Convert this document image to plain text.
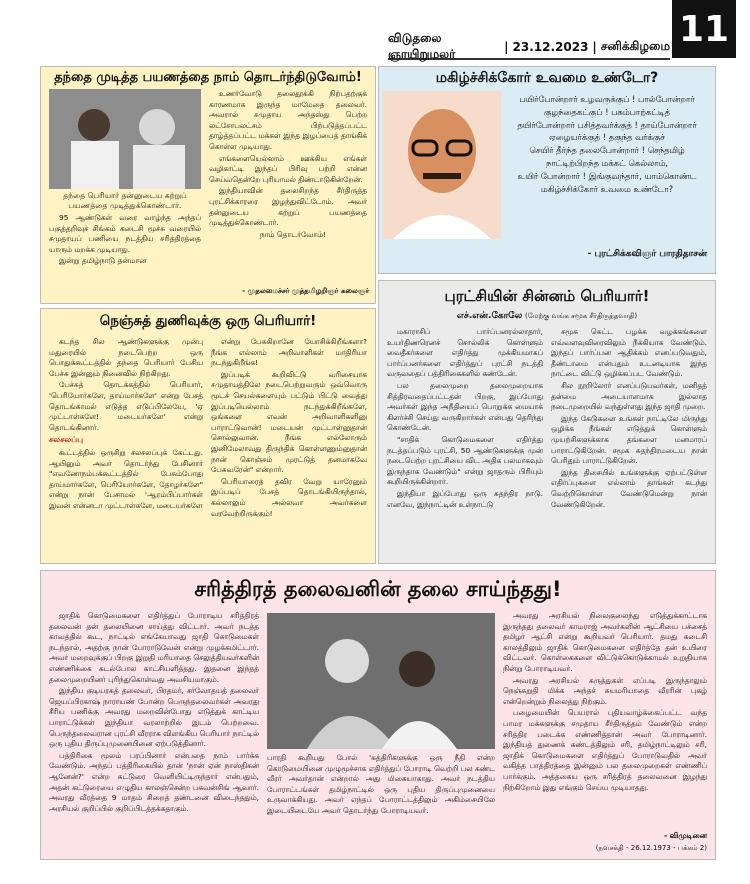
11
விடுதலை ஞாயிறுமலர்	| 23.12.2023 | சனிக்கிழமை
தந்தை முடித்த பயணத்தை நாம் தொடர்ந்திடுவோம்!
தந்தை பெரியார் தன்னுடைய கற்றுப் பயணத்தை முடித்துக்கொண்டார்.

95 ஆண்டுகள் வரை வாழ்ந்த அந்தப் பகுத்தறிவுச் சிங்கம் கடைசி மூச்சு வரையில் சமுதாயப் பணியை நடத்திய சரித்திரத்தை யாரும் மறக்க முடியாது.

இன்று தமிழ்நாடு தன்மான

உணர்வோடு தலைதூக்கி நிற்பதற்குக் காரணமாக இருந்த மாமேதை தலைவர். அவரால் சமுதாய அந்தஸ்து பெற்ற லட்சோபலட்சம் பிற்படுத்தப்பட்ட தாழ்த்தப்பட்ட மக்கள் இந்த இழப்பைத் தாங்கிக் கொள்ள முடியாது.

எங்களையெல்லாம் ஊக்கிய எங்கள் வழிகாட்டி இந்தப் பிரிவு பற்றி என்ன செய்வதென்றே புரியாமல் திண்டாடுகின்றேன்.

இந்தியாவின் தலைசிறந்த சீர்திருத்த புரட்சிக்காரரை இழந்துவிட்டோம். அவர் தன்னுடைய கற்றுப் பயணத்தை முடித்துக்கொண்டார்.

நாம் தொடர்வோம்!

- முதலமைச்சர் முத்தமிழறிஞர் கலைஞர்
மகிழ்ச்சிக்கோர் உவமை உண்டோ?

பயிர்போன்றார் உழவருக்குப் ! பால்போன்றார்

குழந்தைகட்குப் ! பசும்பாற்கட்டித்

தயிர்போன்றார் பசித்தவர்க்குத் ! தாய்போன்றார்

ஏழையர்க்குத் ! தகுந்த வர்க்குச்

செயிர் தீர்ந்த தலைபோன்றார் ! செந்தமிழ்

நாட்டிற்பிறந்த மக்கட் கெல்லாம்,

உயிர் போன்றார் ! இங்குவந்தார், யாம்கொண்ட

மகிழ்ச்சிக்கோர் உவமை உண்டோ?

- புரட்சிக்கவிஞர் பாரதிதாசன்
நெஞ்சுத் துணிவுக்கு ஒரு பெரியார்!

கடந்த சில ஆண்டுகளுக்கு முன்பு மதுரையில் நடைபெற்ற ஒரு பொதுக்கூட்டத்தில் தந்தை பெரியார் பேசிய பேச்சு இன்னும் நினைவில் நிற்கிறது.

பேச்சுத் தொடக்கத்தில் பெரியார், 'பெரியோர்களே, தாய்மார்களே' என்று பேசத் தொடங்காமல் எடுத்த எடுப்பிலேயே, 'ஏ முட்டாள்களே! மடையர்களே' என்று தொடங்கினார்.

சலசலப்பு

கூட்டத்தில் ஒருசிறு சலசலப்புக் கேட்டது. ஆயினும் அவர் தொடர்ந்து பேசினார் "எவனோநம்பக்கூட்டத்தில் பேசும்போது தாய்மார்களே, பெரியோர்களே, தோழர்களே" என்று நான் பேசாமல் 'ஆரம்பிப்பார்கள் இவன் என்னடா முட்டாள்களே, மடையர்களே

என்று பேசுகிறானே யோசிக்கிறீங்களா? நீங்க எல்லாம் அறிவாளிகள் மாதிரியா நடந்துகிறீங்க!

இப்படிக் கூறிவிட்டு வரிசையாக சமுதாயத்திலே நடைபெற்றுவரும் ஒவ்வொரு மூடச் செயல்களையும் பட்டும் பிட்டு வைத்து இப்படியெல்லாம் நடந்துக்கிறீங்களே, ஒங்களை எவன் அறிவாளிகளினு பாராட்டுவான்! மடையன் முட்டாள்னுதான் சொல்லுவான். நீங்க எல்லோரும் இனிமேலாவது திருந்திக் கொள்ளணும்னுதான் நான் கொஞ்சம் முரட்டுத் தனமாகவே பேசுவரேன்" என்றார்.

பெரியாரைத் தவிர வேறு யாரேனும் இப்படிப் பேசத் தொடங்கியிருந்தால், கல்லாலும் அல்லவா அவர்களை வரவேற்றிருக்கும்!

புரட்சியின் சின்னம் பெரியார்!
எச்.என்.கோலே (மேற்கு வங்க சமூக சீர்திருத்தவாதி)

மகாராசிப் பார்ப்பனரல்லாதார், உயர்திணரெனச் சொல்லிக் கொள்ளும் வைதீகர்களை எதிர்த்து முக்கியமாகப் பார்ப்பனர்களை எதிர்த்துப் புரட்சி நடத்தி வருவதைப் பத்திரிகைகளில் கண்டேன்.

பல தலைமுறை தலைமுறையாக சித்திரவதைப்பட்டதன் பிறகு, இப்போது அவர்கள் இந்த அநீதியைப் பொறுக்க மையாக் கிளர்ச்சி செய்து வருகிறார்கள் என்பது தெரிந்து கொண்டேன்.

"சாதிக் கொடுமைகளை எதிர்த்து நடத்தப்படும் புரட்சி, 50 ஆண்டுகளுக்கு முன் நடைபெற்ற புரட்சியை விட அதிக பலமாகவும் இருந்தாக வேண்டும்" என்று ஜாதரும் பிரியும் கூறியிருக்கின்றார்.

இந்தியா இப்போது ஒரு சுதந்திர நாடு. எனவே, இந்நாட்டின் உள்நாட்டு

சமூக கெட்ட பழக்க வழக்கங்களை எவ்வளவுவிரைவிலும் நீக்கியாக வேண்டும். இந்தப் பார்ப்பன ஆதிக்கம் எனப்படுவதும், தீண்டாமை என்பதும் உடனடியாக இந்த நாட்டை விட்டு ஒழிக்கப்பட வேண்டும்.

சில நூறிலோர் எனப்படுபவர்கள், மனிதத் தன்மை அடையாளமாக இல்லாத நடைமுறையில் வந்துள்ளது இந்த ஜாதி முறை.

இந்த கேடுகளை உங்கள் நாட்டிலே மிருந்து ஒழிக்க நீங்கள் எடுத்துக் கொள்ளும் முயற்சிகளுக்காக தங்களை மனமாரப் பாராட்டுகிறேன். சமூக சுதந்திரமடைய நான் பெரிதும் பாராட்டுகிறேன்.

இந்த திசையில் உங்களுக்கு ஏற்பட்டுள்ள எதிர்ப்புகளை எல்லாம் தாங்கள் கடந்து வெற்றிகொள்ள வேண்டுமென்று நான் வேண்டுகிறேன்.

சரித்திரத் தலைவனின் தலை சாய்ந்தது!

ஜாதிக் கொடுமைகளை எதிர்த்துப் போராடிய சரித்திரத் தலைவன் தன் தலையினை சாய்த்து விட்டார். அவர் நடத்த காவத்தில் கூட, நாட்டில் எங்கேயாவது ஜாதி கொடுமைகள் நடந்தால், அதற்கு நான் போராடுவேன் என்று முழக்கமிட்டார். அவர் மறைவுக்குப் பிறகு இறுதி மரியாதை செலுத்தியவர்களின் எண்ணிக்கை கடல்போல காட்சியளித்தது. இதனை இந்தத் தலைமுறையினர் புரிந்துகொள்வது அவசியமாகும்.

இந்திய குடியரசுத் தலைவர், பிரதமர், சர்வோதயத் தலைவர் ஜெயப்பிரகாஷ் நாராயண் போன்ற பெருந்தலைவர்கள் அவரது சீரிய பணிக்கு அவரது மறைவின்போது எடுத்துக் காட்டிய பாராட்டுக்கள் இந்தியா வரலாற்றில் இடம் பெற்றவை. பெருந்தலைவரான புரட்சி வீரராக விளங்கிய பெரியார் நாட்டில் ஒரு புதிய திருப்புமுனையினை ஏற்படுத்தினார்.

பத்திரிகை மூலம் பரப்பினார் என்பதை நாம் பார்க்க வேண்டும். அந்தப் பத்திரிகையில் தான் 'நான் ஏன் நாஸ்திகன் ஆனேன்?' என்ற கட்டுரை வெளியிட்டிருந்தார் என்பதும், அதன் கட்டுரையை எழுதிய காலஞ்சென்ற பகவன்சிங் ஆவார். அவரது வீரத்தை 9 மாதம் சிறைத் தண்டனை விடைந்ததும், அரசியல் குறிப்பில் குறிப்பிடத்தக்கதாகும்.

பாரதி கூறியது போல் 'கத்திரிகளுக்கு ஒரு நீதி என்ற கொடுமையினை முழுமூச்சாக எதிர்த்துப் போராடி வெற்றி பல கண்ட வீரர் அவர்தான் என்றால் அது மிகையாகாது. அவர் நடத்திய போராட்டங்கள் தமிழ்நாட்டில் ஒரு புதிய திருப்புமுனையை உருவாக்கியது. அவர் எந்தப் போராட்டத்திலும் அகிம்சையிலே இடையிடையே அவர் தொடர்ந்து போராடியவர்.

அவரது அரசியல் நிலைகுலைந்து எடுத்துக்காட்டாக இருந்தது தலைவர் காமராஜ் அவர்களின் ஆட்சியை பச்சைத் தமிழர் ஆட்சி என்று கூறியவர் பெரியார். தமது கடைசி காலத்திலும் ஜாதிக் கொடுமைகளை எதிர்த்தே தன் உயிரை விட்டவர். கொள்கைகளை விட்டுக்கொடுக்காமல் உறுதியாக நின்று போராடியவர்.

அவரது அரசியல் கருத்துகள் எப்படி இருந்தாலும் நெஞ்சுறுதி மிக்க அந்தச் சுயமரியாதை வீரரின் புகழ் என்றென்றும் நிலைத்து நிற்கும்.

பழைமையின் பெயரால் புதியவாழ்க்கைப்பட்ட வந்த பாமர மக்களுக்கு சமுதாய சீர்திருத்தம் வேண்டும் என்ற சரித்திர படைக்க எண்ணித்தான் அவர் போராடினார். இந்தியத் துணைக் கண்டத்திலும் சரி, தமிழ்நாட்டிலும் சரி, ஜாதிக் கொடுமைகளை எதிர்த்துப் போராடுவதில் அவர் வகித்த பாத்திரத்தை இன்னும் பல தலைமுறைகள் எண்ணிப் பார்க்கும். அத்தகைய ஒரு சரித்திரத் தலைவனை இழந்து நிற்கிறோம் இது எங்கும் செய்ய முடியாதது.

- விமுடினை
(நவசக்தி - 26.12.1973 - பக்கம் 2)
